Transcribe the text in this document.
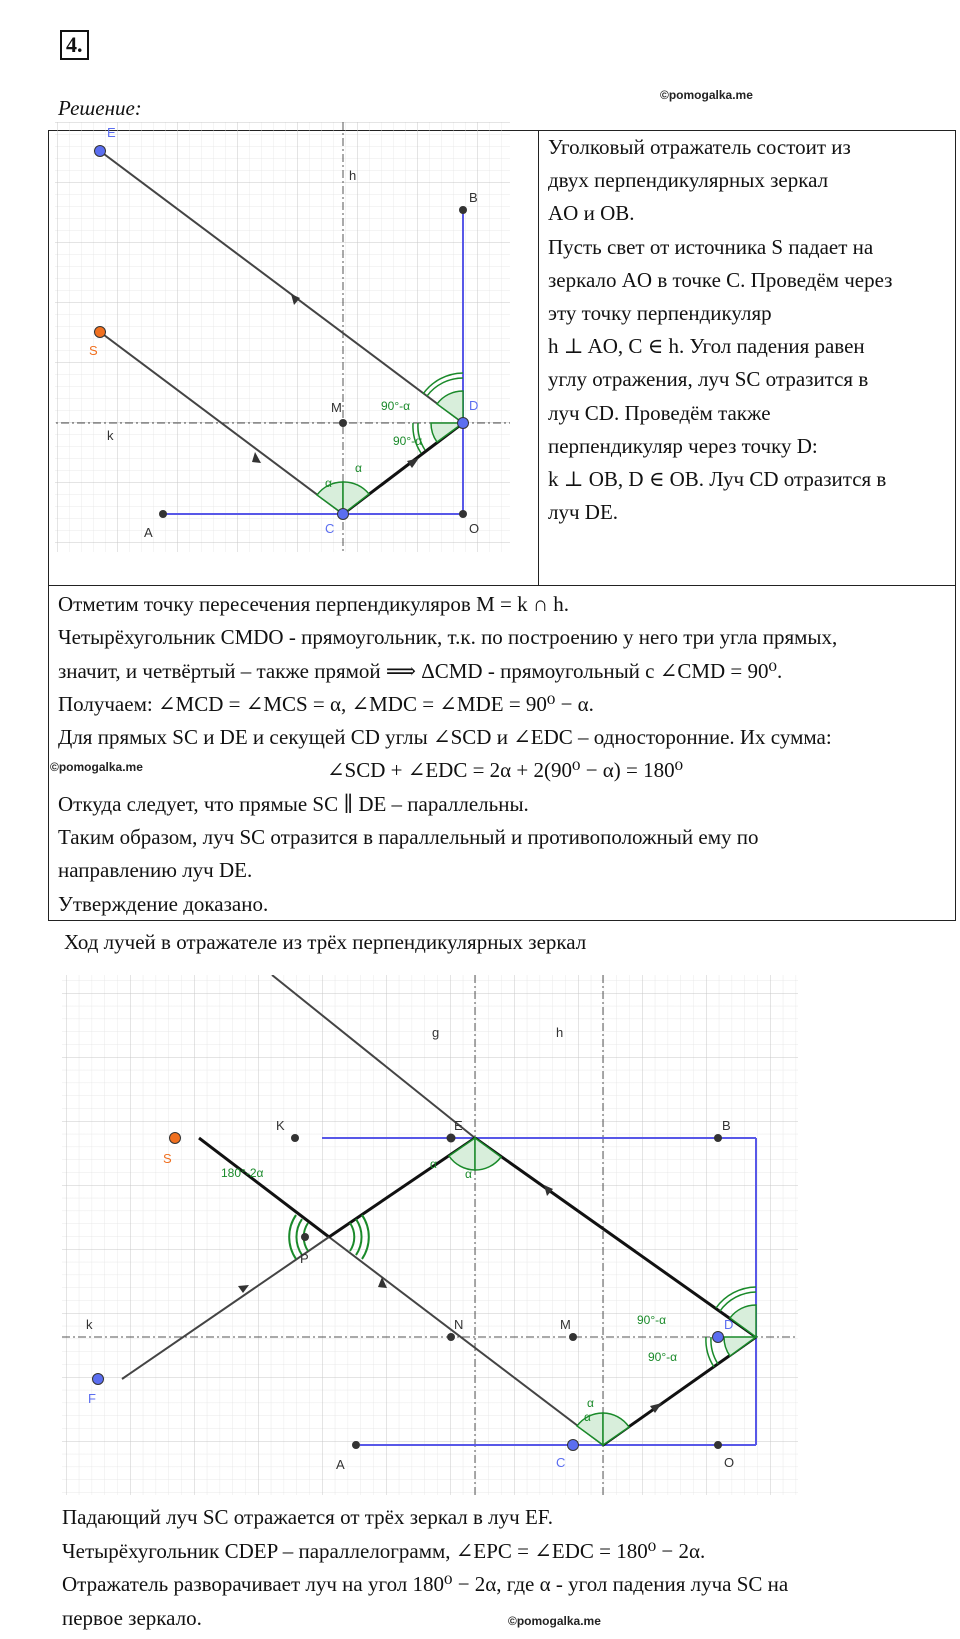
4.
©pomogalka.me
Решение:
α
α
90°-α
90°-α
E
S
B
D
M
k
h
A	C	O
Уголковый отражатель состоит из
двух перпендикулярных зеркал
AO и OB.
Пусть свет от источника S падает на
зеркало AO в точке C. Проведём через
эту точку перпендикуляр
h ⊥ AO, C ∈ h. Угол падения равен
углу отражения, луч SC отразится в
луч CD. Проведём также
перпендикуляр через точку D:
k ⊥ OB, D ∈ OB. Луч CD отразится в
луч DE.
Отметим точку пересечения перпендикуляров M = k ∩ h.
Четырёхугольник CMDO - прямоугольник, т.к. по построению у него три угла прямых,
значит, и четвёртый – также прямой ⟹ ΔCMD - прямоугольный с ∠CMD = 90⁰.
Получаем: ∠MCD = ∠MCS = α, ∠MDC = ∠MDE = 90⁰ − α.
Для прямых SC и DE и секущей CD углы ∠SCD и ∠EDC – односторонние. Их сумма:
∠SCD + ∠EDC = 2α + 2(90⁰ − α) = 180⁰
Откуда следует, что прямые SC ∥ DE – параллельны.
Таким образом, луч SC отразится в параллельный и противоположный ему по
направлению луч DE.
Утверждение доказано.
©pomogalka.me
Ход лучей в отражателе из трёх перпендикулярных зеркал
α
α
α
α
180°-2α
90°-α
90°-α
g	h
K	E	B
S
P
k	N	M	D
F
A	C	O
Падающий луч SC отражается от трёх зеркал в луч EF.
Четырёхугольник CDEP – параллелограмм, ∠EPC = ∠EDC = 180⁰ − 2α.
Отражатель разворачивает луч на угол 180⁰ − 2α, где α - угол падения луча SC на
первое зеркало.	©pomogalka.me
